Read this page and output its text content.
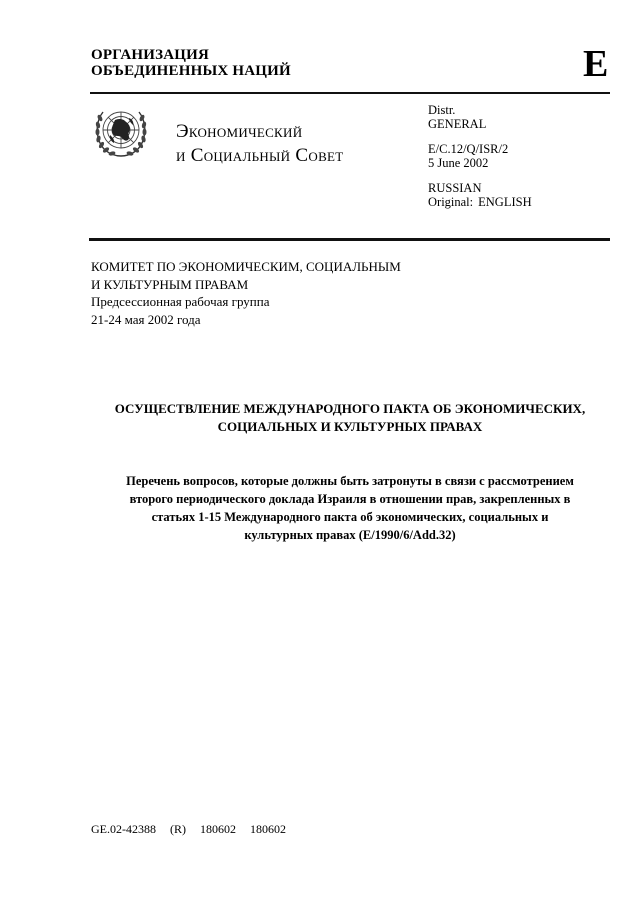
ОРГАНИЗАЦИЯ
ОБЪЕДИНЕННЫХ НАЦИЙ	E
Экономический
и Социальный Совет
Distr.
GENERAL
E/C.12/Q/ISR/2
5 June 2002
RUSSIAN
Original: ENGLISH
КОМИТЕТ ПО ЭКОНОМИЧЕСКИМ, СОЦИАЛЬНЫМ
И КУЛЬТУРНЫМ ПРАВАМ
Предсессионная рабочая группа
21-24 мая 2002 года
ОСУЩЕСТВЛЕНИЕ МЕЖДУНАРОДНОГО ПАКТА ОБ ЭКОНОМИЧЕСКИХ,
СОЦИАЛЬНЫХ И КУЛЬТУРНЫХ ПРАВАХ
Перечень вопросов, которые должны быть затронуты в связи с рассмотрением
второго периодического доклада Израиля в отношении прав, закрепленных в
статьях 1-15 Международного пакта об экономических, социальных и
культурных правах (E/1990/6/Add.32)
GE.02-42388 (R) 180602 180602
